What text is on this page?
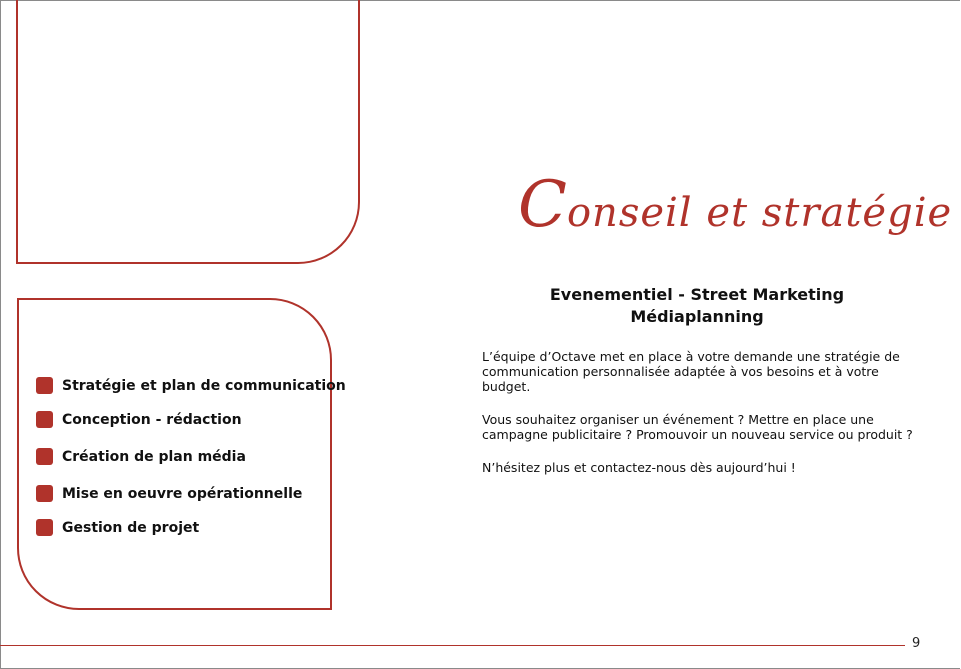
Stratégie et plan de communication
Conception - rédaction
Création de plan média
Mise en oeuvre opérationnelle
Gestion de projet
Conseil et stratégie
Evenementiel - Street Marketing
Médiaplanning

L’équipe d’Octave met en place à votre demande une stratégie de communication personnalisée adaptée à vos besoins et à votre budget.

Vous souhaitez organiser un événement ? Mettre en place une campagne publicitaire ? Promouvoir un nouveau service ou produit ?

N’hésitez plus et contactez-nous dès aujourd’hui !

9
